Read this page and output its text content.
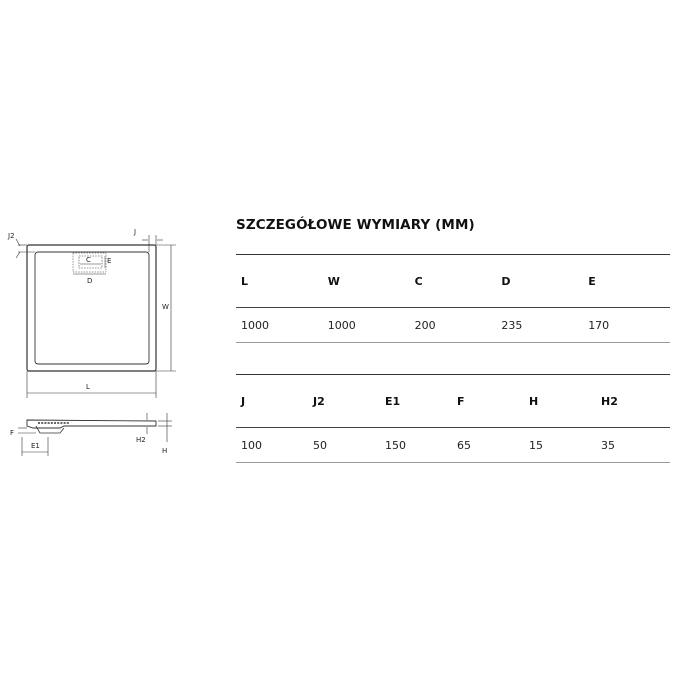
J2	J
C E
D
W
L
F
E1
H
H2
SZCZEGÓŁOWE WYMIARY (MM)
L	W	C	D	E
1000	1000	200	235	170
J	J2	E1	F	H	H2
100	50	150	65	15	35
